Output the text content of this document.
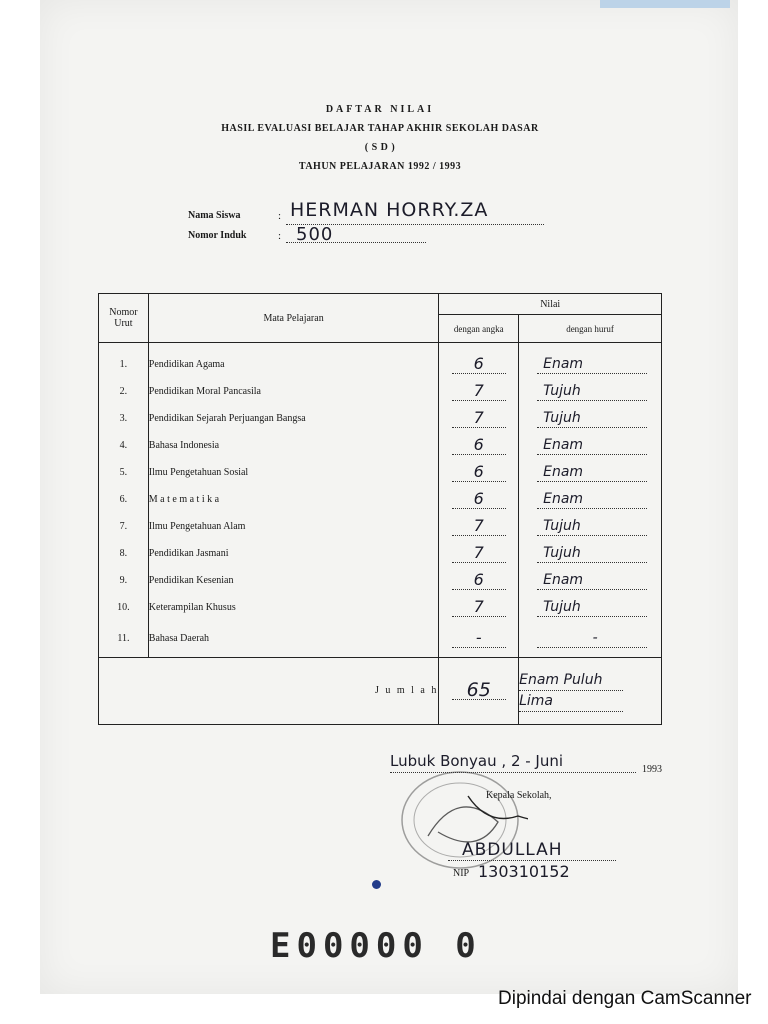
DAFTAR NILAI
HASIL EVALUASI BELAJAR TAHAP AKHIR SEKOLAH DASAR
( S D )
TAHUN PELAJARAN 1992 / 1993
Nama Siswa	: HERMAN HORRY.ZA
Nomor Induk	: 500
Nomor Urut	Mata Pelajaran	Nilai	
		dengan angka	dengan huruf
1.	Pendidikan Agama	6	Enam
2.	Pendidikan Moral Pancasila	7	Tujuh
3.	Pendidikan Sejarah Perjuangan Bangsa	7	Tujuh
4.	Bahasa Indonesia	6	Enam
5.	Ilmu Pengetahuan Sosial	6	Enam
6.	M a t e m a t i k a	6	Enam
7.	Ilmu Pengetahuan Alam	7	Tujuh
8.	Pendidikan Jasmani	7	Tujuh
9.	Pendidikan Kesenian	6	Enam
10.	Keterampilan Khusus	7	Tujuh
11.	Bahasa Daerah	-	-
J u m l a h		65	Enam Puluh
Lima
Lubuk Bonyau , 2 - Juni	1993
Kepala Sekolah,
ABDULLAH
NIP 130310152
E00000 0
Dipindai dengan CamScanner
